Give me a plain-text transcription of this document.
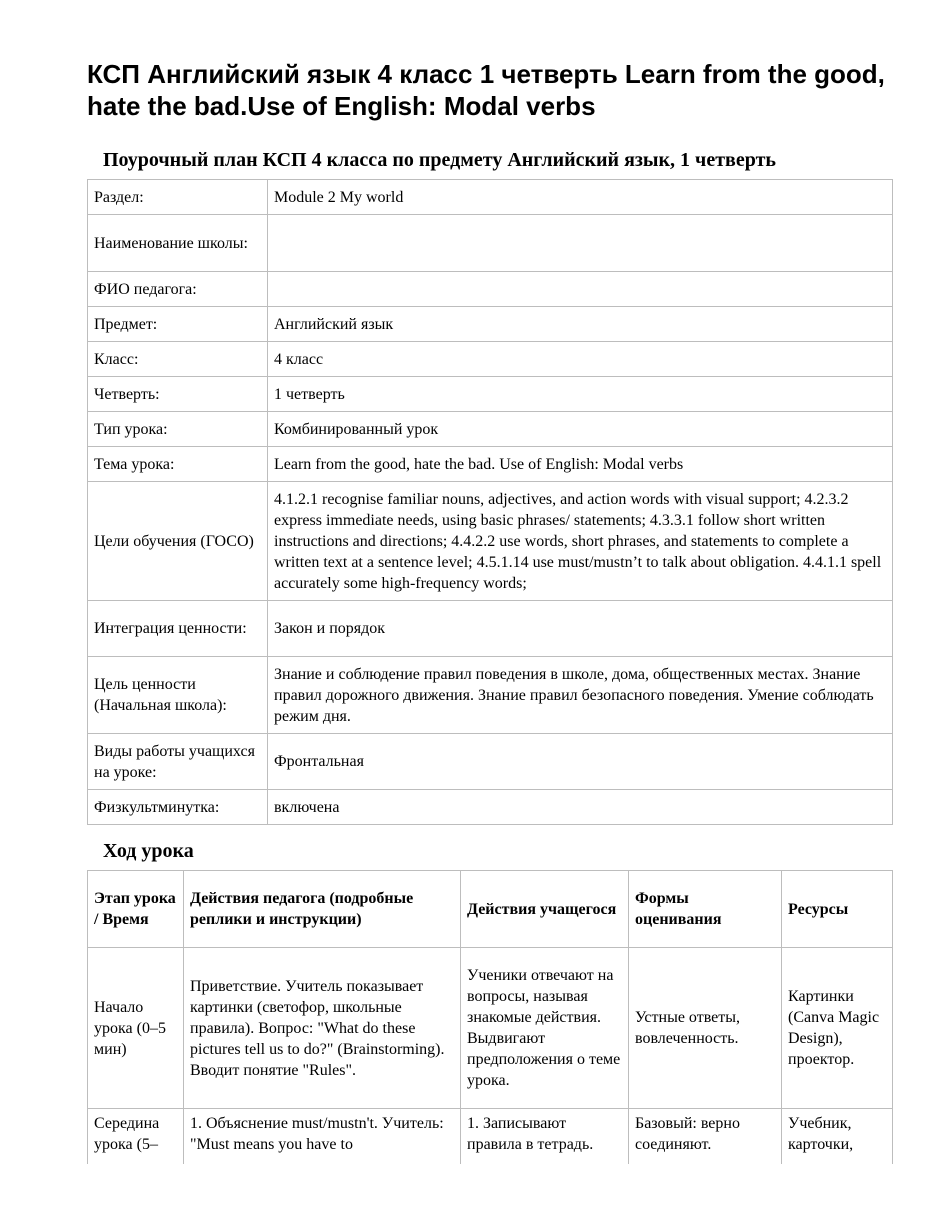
КСП Английский язык 4 класс 1 четверть Learn from the good, hate the bad.Use of English: Modal verbs
Поурочный план КСП 4 класса по предмету Английский язык, 1 четверть
Раздел:	Module 2 My world
Наименование школы:	
ФИО педагога:	
Предмет:	Английский язык
Класс:	4 класс
Четверть:	1 четверть
Тип урока:	Комбинированный урок
Тема урока:	Learn from the good, hate the bad. Use of English: Modal verbs
Цели обучения (ГОСО)	4.1.2.1 recognise familiar nouns, adjectives, and action words with visual support; 4.2.3.2 express immediate needs, using basic phrases/ statements; 4.3.3.1 follow short written instructions and directions; 4.4.2.2 use words, short phrases, and statements to complete a written text at a sentence level; 4.5.1.14 use must/mustn’t to talk about obligation. 4.4.1.1 spell accurately some high-frequency words;
Интеграция ценности:	Закон и порядок
Цель ценности (Начальная школа):	Знание и соблюдение правил поведения в школе, дома, общественных местах. Знание правил дорожного движения. Знание правил безопасного поведения. Умение соблюдать режим дня.
Виды работы учащихся на уроке:	Фронтальная
Физкультминутка:	включена
Ход урока
Этап урока / Время	Действия педагога (подробные реплики и инструкции)	Действия учащегося	Формы оценивания	Ресурсы
Начало урока (0–5 мин)	Приветствие. Учитель показывает картинки (светофор, школьные правила). Вопрос: "What do these pictures tell us to do?" (Brainstorming). Вводит понятие "Rules".	Ученики отвечают на вопросы, называя знакомые действия. Выдвигают предположения о теме урока.	Устные ответы, вовлеченность.	Картинки (Canva Magic Design), проектор.
Середина урока (5–	1. Объяснение must/mustn't. Учитель: "Must means you have to	1. Записывают правила в тетрадь.	Базовый: верно соединяют.	Учебник, карточки,
